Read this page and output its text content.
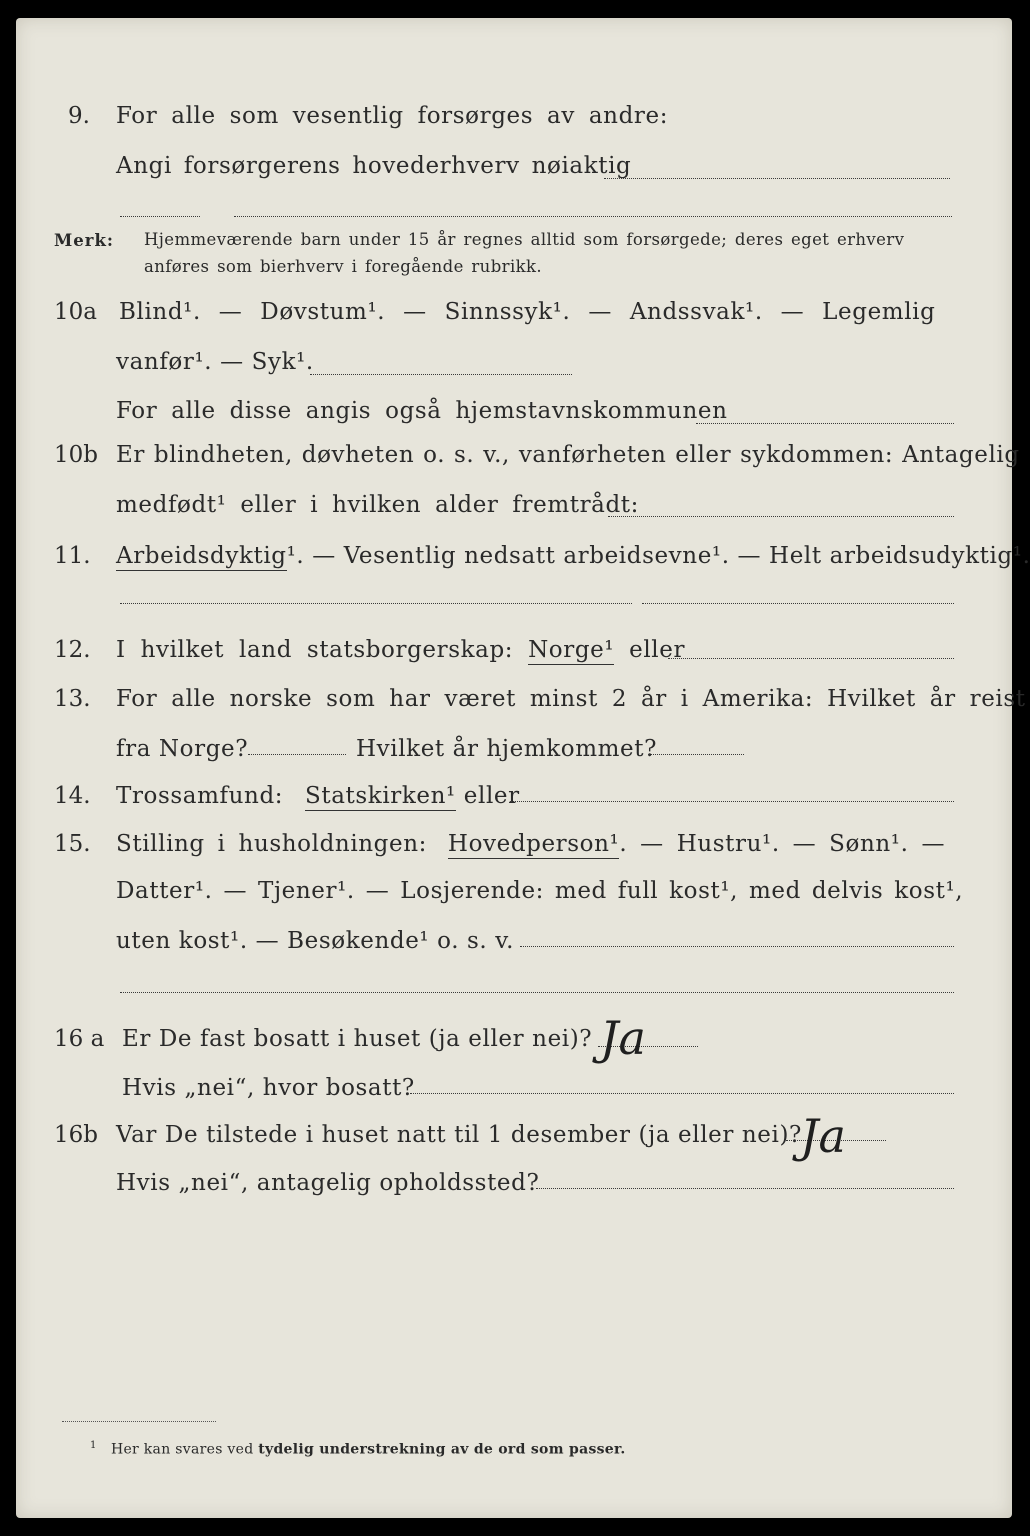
9. For alle som vesentlig forsørges av andre:
Angi forsørgerens hovederhverv nøiaktig
Merk: Hjemmeværende barn under 15 år regnes alltid som forsørgede; deres eget erhverv
anføres som bierhverv i foregående rubrikk.
10a Blind¹. — Døvstum¹. — Sinnssyk¹. — Andssvak¹. — Legemlig
vanfør¹. — Syk¹.
For alle disse angis også hjemstavnskommunen
10b Er blindheten, døvheten o. s. v., vanførheten eller sykdommen: Antagelig
medfødt¹ eller i hvilken alder fremtrådt:
11. Arbeidsdyktig¹. — Vesentlig nedsatt arbeidsevne¹. — Helt arbeidsudyktig¹.
12. I hvilket land statsborgerskap: Norge¹ eller
13. For alle norske som har været minst 2 år i Amerika: Hvilket år reist
fra Norge?	Hvilket år hjemkommet?
14. Trossamfund: Statskirken¹ eller
15. Stilling i husholdningen: Hovedperson¹. — Hustru¹. — Sønn¹. —
Datter¹. — Tjener¹. — Losjerende: med full kost¹, med delvis kost¹,
uten kost¹. — Besøkende¹ o. s. v.
16 a Er De fast bosatt i huset (ja eller nei)?
Hvis „nei“, hvor bosatt?
Ja
16b Var De tilstede i huset natt til 1 desember (ja eller nei)?
Hvis „nei“, antagelig opholdssted?
Ja
$^1$ Her kan svares ved tydelig understrekning av de ord som passer.
